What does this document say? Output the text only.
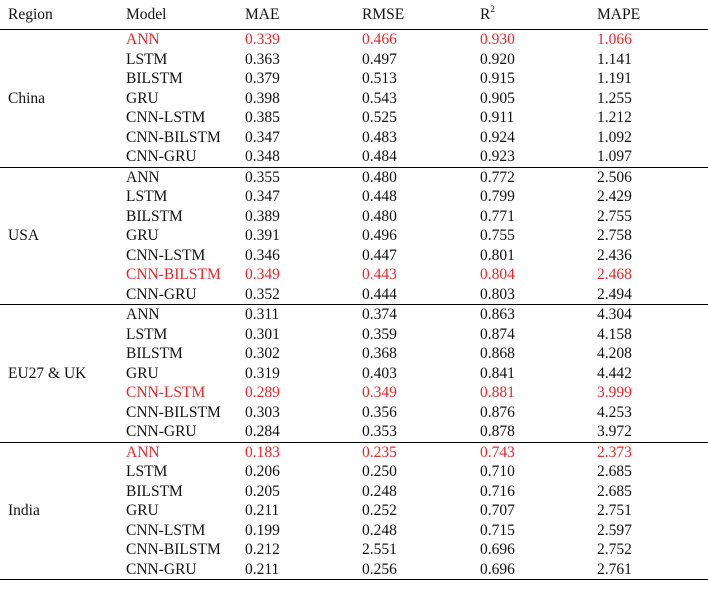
Region	Model	MAE	RMSE	$R^2$	MAPE
China	ANN	0.339	0.466	0.930	1.066
	LSTM	0.363	0.497	0.920	1.141
	BILSTM	0.379	0.513	0.915	1.191
	GRU	0.398	0.543	0.905	1.255
	CNN-LSTM	0.385	0.525	0.911	1.212
	CNN-BILSTM	0.347	0.483	0.924	1.092
	CNN-GRU	0.348	0.484	0.923	1.097
USA	ANN	0.355	0.480	0.772	2.506
	LSTM	0.347	0.448	0.799	2.429
	BILSTM	0.389	0.480	0.771	2.755
	GRU	0.391	0.496	0.755	2.758
	CNN-LSTM	0.346	0.447	0.801	2.436
	CNN-BILSTM	0.349	0.443	0.804	2.468
	CNN-GRU	0.352	0.444	0.803	2.494
EU27 & UK	ANN	0.311	0.374	0.863	4.304
	LSTM	0.301	0.359	0.874	4.158
	BILSTM	0.302	0.368	0.868	4.208
	GRU	0.319	0.403	0.841	4.442
	CNN-LSTM	0.289	0.349	0.881	3.999
	CNN-BILSTM	0.303	0.356	0.876	4.253
	CNN-GRU	0.284	0.353	0.878	3.972
India	ANN	0.183	0.235	0.743	2.373
	LSTM	0.206	0.250	0.710	2.685
	BILSTM	0.205	0.248	0.716	2.685
	GRU	0.211	0.252	0.707	2.751
	CNN-LSTM	0.199	0.248	0.715	2.597
	CNN-BILSTM	0.212	2.551	0.696	2.752
	CNN-GRU	0.211	0.256	0.696	2.761
